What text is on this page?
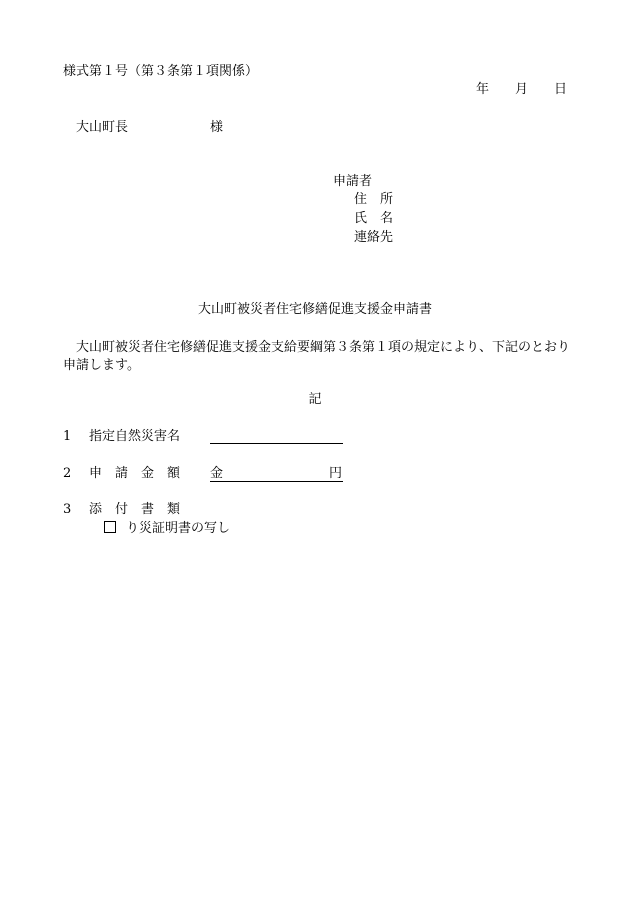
様式第１号（第３条第１項関係）
年 月 日
大山町長	様
申請者
住　所
氏　名
連絡先
大山町被災者住宅修繕促進支援金申請書
大山町被災者住宅修繕促進支援金支給要綱第３条第１項の規定により、下記のとおり申請します。
記
1 指定自然災害名
2 申　請　金　額 金	円
3 添　付　書　類
り災証明書の写し
